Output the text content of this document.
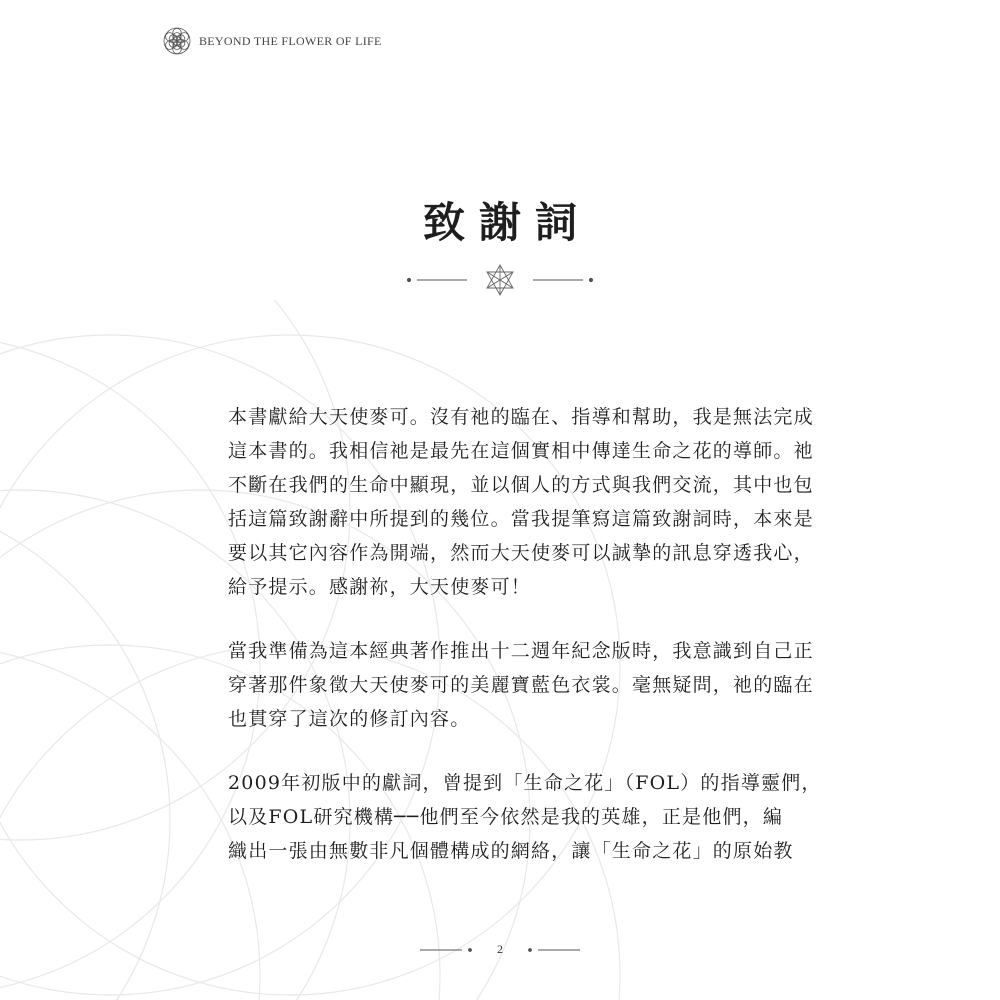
BEYOND THE FLOWER OF LIFE
致謝詞
本書獻給大天使麥可。沒有祂的臨在、指導和幫助，我是無法完成
這本書的。我相信祂是最先在這個實相中傳達生命之花的導師。祂
不斷在我們的生命中顯現，並以個人的方式與我們交流，其中也包
括這篇致謝辭中所提到的幾位。當我提筆寫這篇致謝詞時，本來是
要以其它內容作為開端，然而大天使麥可以誠摯的訊息穿透我心，
給予提示。感謝祢，大天使麥可！
當我準備為這本經典著作推出十二週年紀念版時，我意識到自己正
穿著那件象徵大天使麥可的美麗寶藍色衣裳。毫無疑問，祂的臨在
也貫穿了這次的修訂內容。
2009年初版中的獻詞，曾提到「生命之花」（FOL）的指導靈們，
以及FOL研究機構──他們至今依然是我的英雄，正是他們，編
織出一張由無數非凡個體構成的網絡，讓「生命之花」的原始教
2
